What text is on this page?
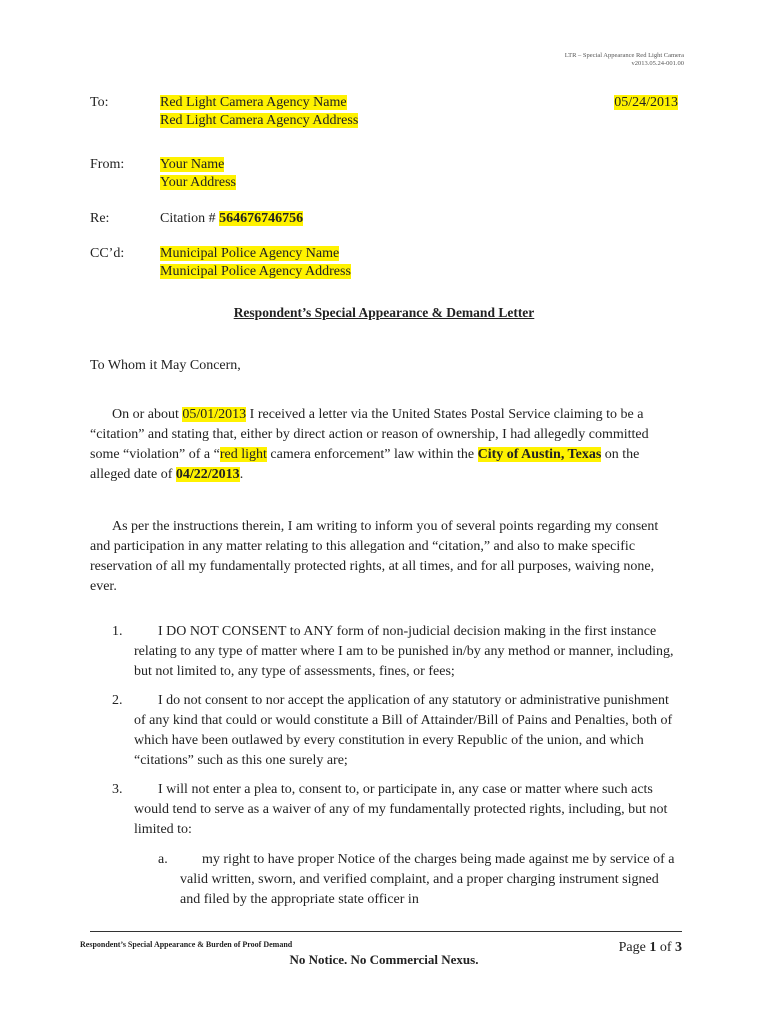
LTR – Special Appearance Red Light Camera
v2013.05.24-001.00
To:	Red Light Camera Agency Name
Red Light Camera Agency Address
05/24/2013
From:	Your Name
Your Address
Re:	Citation # 564676746756
CC’d:	Municipal Police Agency Name
Municipal Police Agency Address
Respondent’s Special Appearance & Demand Letter
To Whom it May Concern,
On or about 05/01/2013 I received a letter via the United States Postal Service claiming to be a “citation” and stating that, either by direct action or reason of ownership, I had allegedly committed some “violation” of a “red light camera enforcement” law within the City of Austin, Texas on the alleged date of 04/22/2013.
As per the instructions therein, I am writing to inform you of several points regarding my consent and participation in any matter relating to this allegation and “citation,” and also to make specific reservation of all my fundamentally protected rights, at all times, and for all purposes, waiving none, ever.
1.	I DO NOT CONSENT to ANY form of non-judicial decision making in the first instance relating to any type of matter where I am to be punished in/by any method or manner, including, but not limited to, any type of assessments, fines, or fees;
2.	I do not consent to nor accept the application of any statutory or administrative punishment of any kind that could or would constitute a Bill of Attainder/Bill of Pains and Penalties, both of which have been outlawed by every constitution in every Republic of the union, and which “citations” such as this one surely are;
3.	I will not enter a plea to, consent to, or participate in, any case or matter where such acts would tend to serve as a waiver of any of my fundamentally protected rights, including, but not limited to:
a.	my right to have proper Notice of the charges being made against me by service of a valid written, sworn, and verified complaint, and a proper charging instrument signed and filed by the appropriate state officer in
Respondent’s Special Appearance & Burden of Proof Demand
No Notice. No Commercial Nexus.
Page 1 of 3
